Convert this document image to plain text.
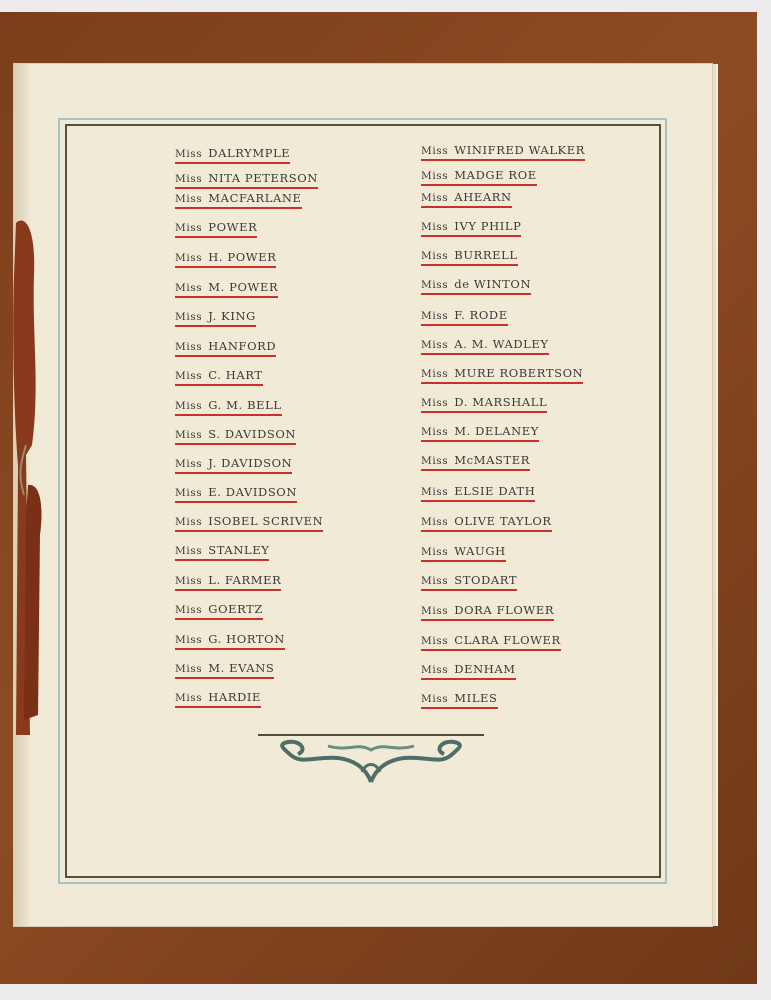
Miss DALRYMPLE
Miss NITA PETERSON
Miss MACFARLANE
Miss POWER
Miss H. POWER
Miss M. POWER
Miss J. KING
Miss HANFORD
Miss C. HART
Miss G. M. BELL
Miss S. DAVIDSON
Miss J. DAVIDSON
Miss E. DAVIDSON
Miss ISOBEL SCRIVEN
Miss STANLEY
Miss L. FARMER
Miss GOERTZ
Miss G. HORTON
Miss M. EVANS
Miss HARDIE
Miss WINIFRED WALKER
Miss MADGE ROE
Miss AHEARN
Miss IVY PHILP
Miss BURRELL
Miss de WINTON
Miss F. RODE
Miss A. M. WADLEY
Miss MURE ROBERTSON
Miss D. MARSHALL
Miss M. DELANEY
Miss McMASTER
Miss ELSIE DATH
Miss OLIVE TAYLOR
Miss WAUGH
Miss STODART
Miss DORA FLOWER
Miss CLARA FLOWER
Miss DENHAM
Miss MILES
